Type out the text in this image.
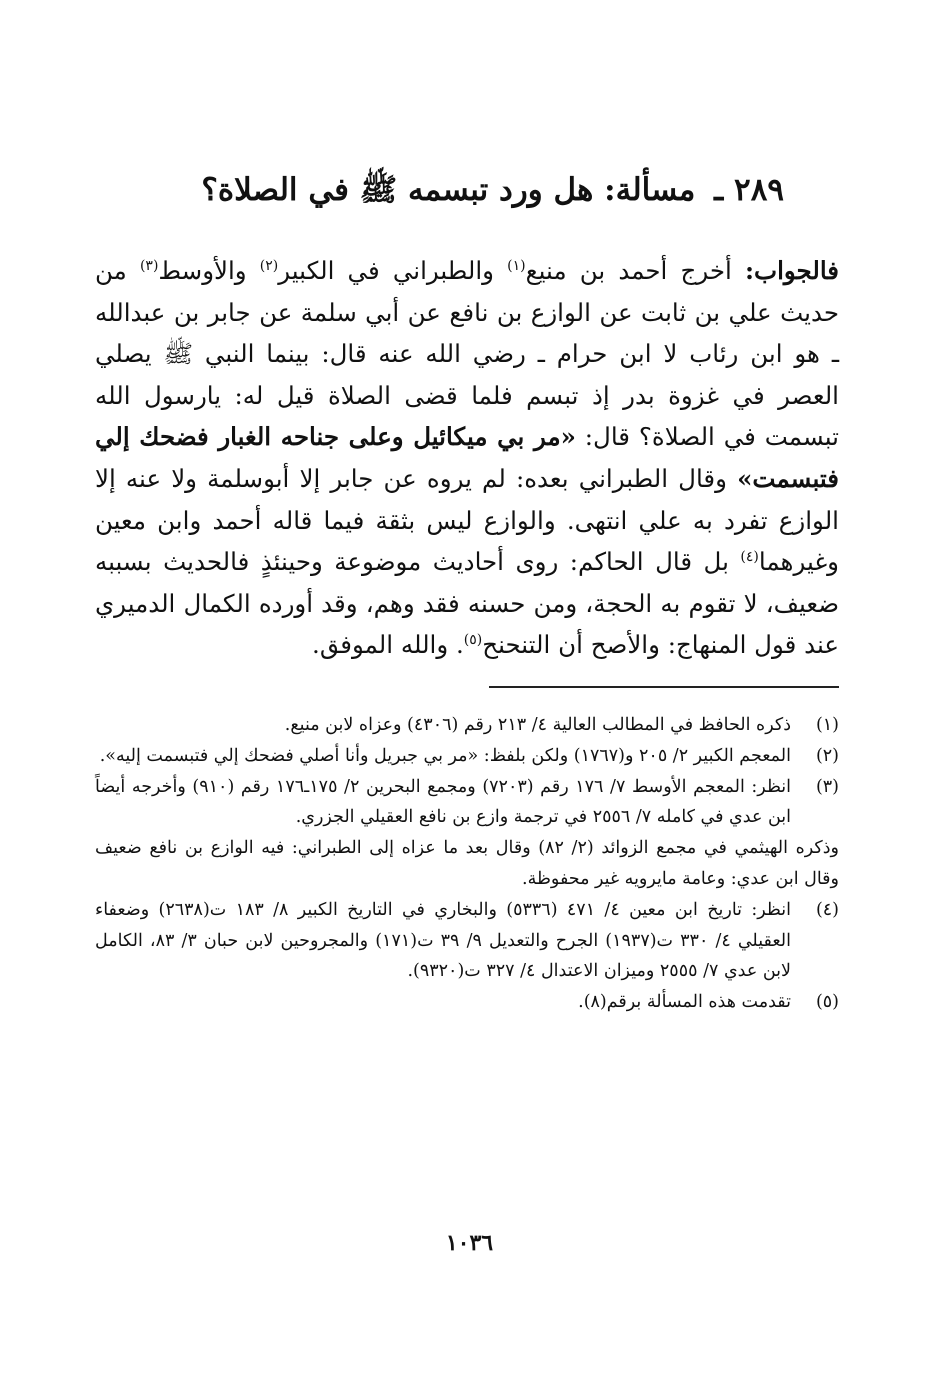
٢٨٩ ـ مسألة: هل ورد تبسمه ﷺ في الصلاة؟
فالجواب: أخرج أحمد بن منيع$^{(١)}$ والطبراني في الكبير$^{(٢)}$ والأوسط$^{(٣)}$ من حديث علي بن ثابت عن الوازع بن نافع عن أبي سلمة عن جابر بن عبدالله ـ هو ابن رئاب لا ابن حرام ـ رضي الله عنه قال: بينما النبي ﷺ يصلي العصر في غزوة بدر إذ تبسم فلما قضى الصلاة قيل له: يارسول الله تبسمت في الصلاة؟ قال: «مر بي ميكائيل وعلى جناحه الغبار فضحك إلي فتبسمت» وقال الطبراني بعده: لم يروه عن جابر إلا أبوسلمة ولا عنه إلا الوازع تفرد به علي انتهى. والوازع ليس بثقة فيما قاله أحمد وابن معين وغيرهما$^{(٤)}$ بل قال الحاكم: روى أحاديث موضوعة وحينئذٍ فالحديث بسببه ضعيف، لا تقوم به الحجة، ومن حسنه فقد وهم، وقد أورده الكمال الدميري عند قول المنهاج: والأصح أن التنحنح$^{(٥)}$. والله الموفق.
(١)
ذكره الحافظ في المطالب العالية ٤/ ٢١٣ رقم (٤٣٠٦) وعزاه لابن منيع.
(٢)
المعجم الكبير ٢/ ٢٠٥ و(١٧٦٧) ولكن بلفظ: «مر بي جبريل وأنا أصلي فضحك إلي فتبسمت إليه».
(٣)
انظر: المعجم الأوسط ٧/ ١٧٦ رقم (٧٢٠٣) ومجمع البحرين ٢/ ١٧٥ـ١٧٦ رقم (٩١٠) وأخرجه أيضاً ابن عدي في كامله ٧/ ٢٥٥٦ في ترجمة وازع بن نافع العقيلي الجزري.
وذكره الهيثمي في مجمع الزوائد (٢/ ٨٢) وقال بعد ما عزاه إلى الطبراني: فيه الوازع بن نافع ضعيف وقال ابن عدي: وعامة مايرويه غير محفوظة.
(٤)
انظر: تاريخ ابن معين ٤/ ٤٧١ (٥٣٣٦) والبخاري في التاريخ الكبير ٨/ ١٨٣ ت(٢٦٣٨) وضعفاء العقيلي ٤/ ٣٣٠ ت(١٩٣٧) الجرح والتعديل ٩/ ٣٩ ت(١٧١) والمجروحين لابن حبان ٣/ ٨٣، الكامل لابن عدي ٧/ ٢٥٥٥ وميزان الاعتدال ٤/ ٣٢٧ ت(٩٣٢٠).
(٥)
تقدمت هذه المسألة برقم(٨).
١٠٣٦
